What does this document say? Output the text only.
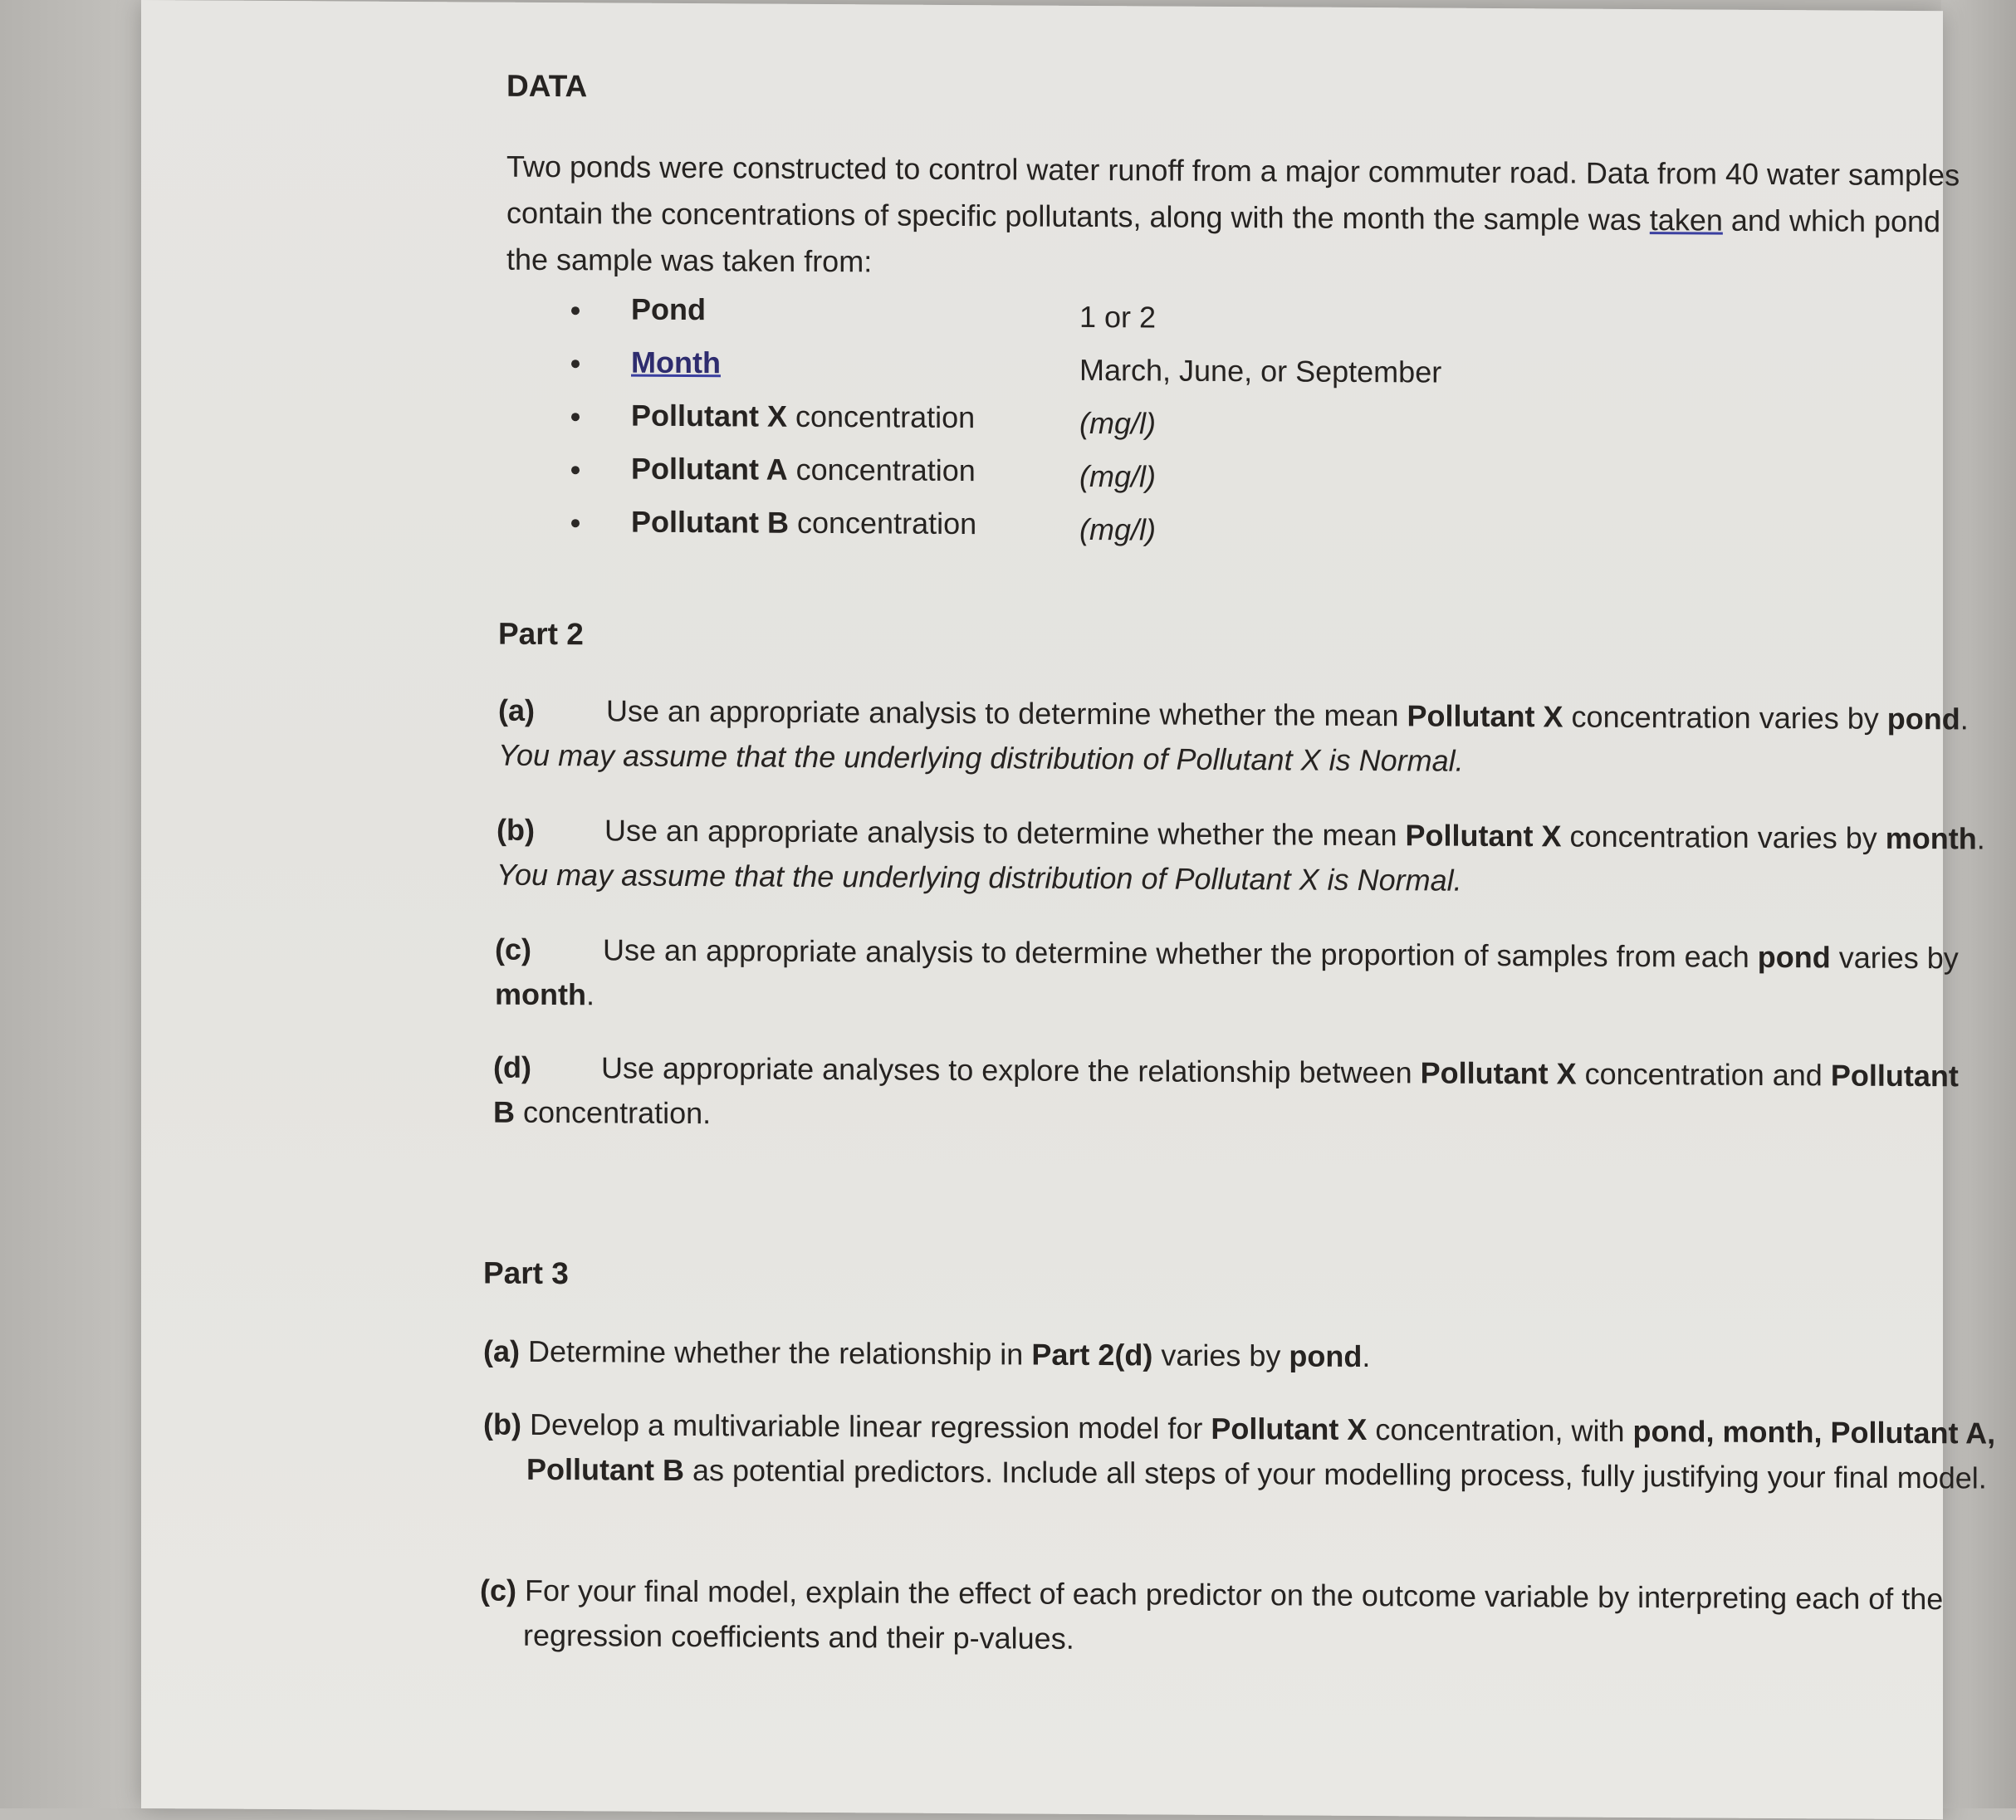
DATA

Two ponds were constructed to control water runoff from a major commuter road. Data from 40 water samples contain the concentrations of specific pollutants, along with the month the sample was taken and which pond the sample was taken from:

Pond	1 or 2
Month	March, June, or September
Pollutant X concentration	(mg/l)
Pollutant A concentration	(mg/l)
Pollutant B concentration	(mg/l)
Part 2
(a) Use an appropriate analysis to determine whether the mean Pollutant X concentration varies by pond. You may assume that the underlying distribution of Pollutant X is Normal.
(b) Use an appropriate analysis to determine whether the mean Pollutant X concentration varies by month. You may assume that the underlying distribution of Pollutant X is Normal.
(c) Use an appropriate analysis to determine whether the proportion of samples from each pond varies by month.
(d) Use appropriate analyses to explore the relationship between Pollutant X concentration and Pollutant B concentration.
Part 3
(a) Determine whether the relationship in Part 2(d) varies by pond.
(b) Develop a multivariable linear regression model for Pollutant X concentration, with pond, month, Pollutant A, Pollutant B as potential predictors. Include all steps of your modelling process, fully justifying your final model.
(c) For your final model, explain the effect of each predictor on the outcome variable by interpreting each of the regression coefficients and their p-values.
